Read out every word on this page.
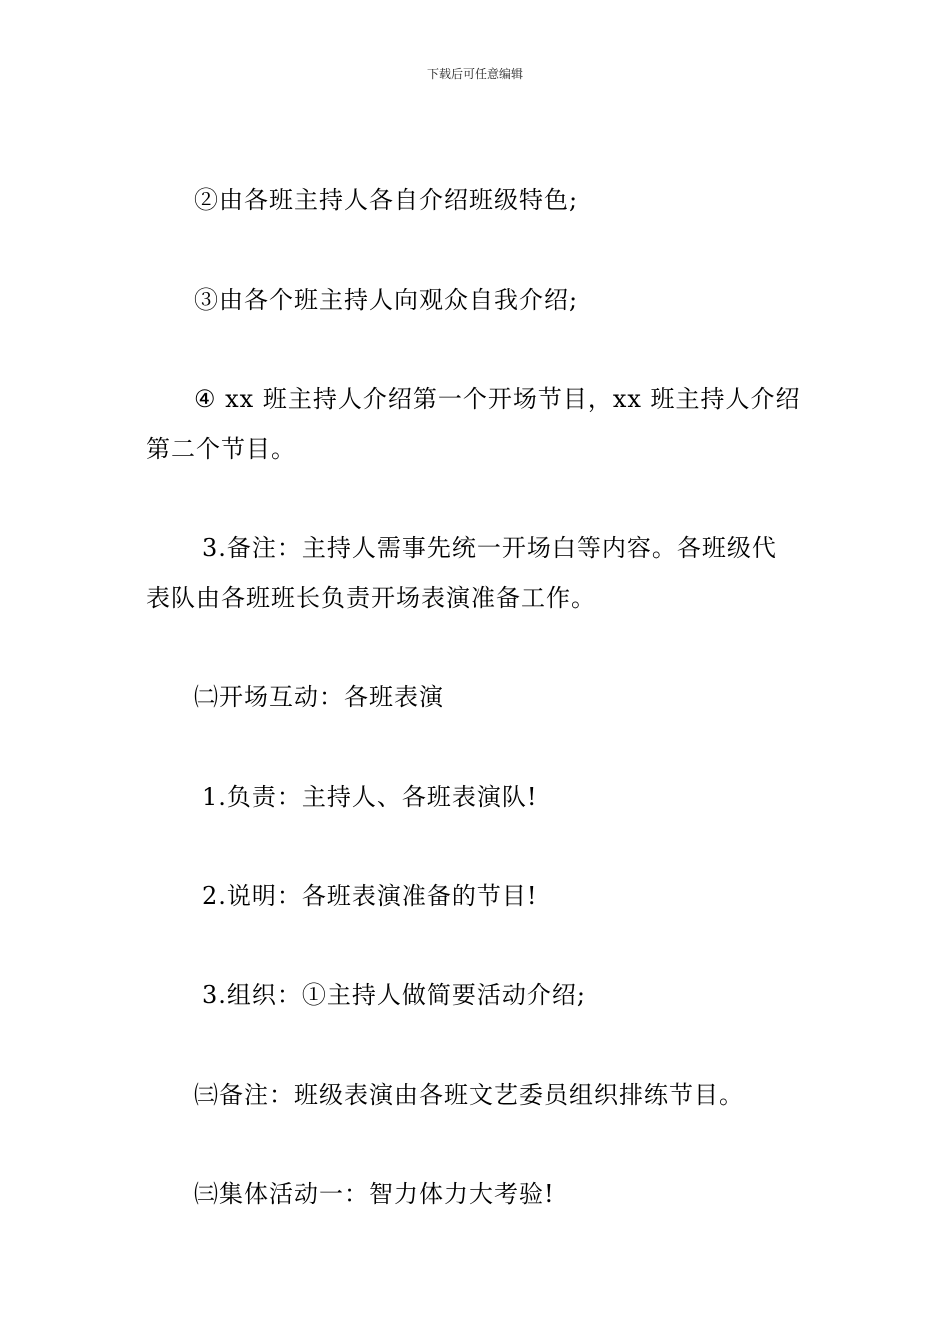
下载后可任意编辑
②由各班主持人各自介绍班级特色;
③由各个班主持人向观众自我介绍;
④ xx 班主持人介绍第一个开场节目，xx 班主持人介绍
第二个节目。
3.备注：主持人需事先统一开场白等内容。各班级代
表队由各班班长负责开场表演准备工作。
㈡开场互动：各班表演
1.负责：主持人、各班表演队!
2.说明：各班表演准备的节目!
3.组织：①主持人做简要活动介绍;
㈢备注：班级表演由各班文艺委员组织排练节目。
㈢集体活动一：智力体力大考验!
